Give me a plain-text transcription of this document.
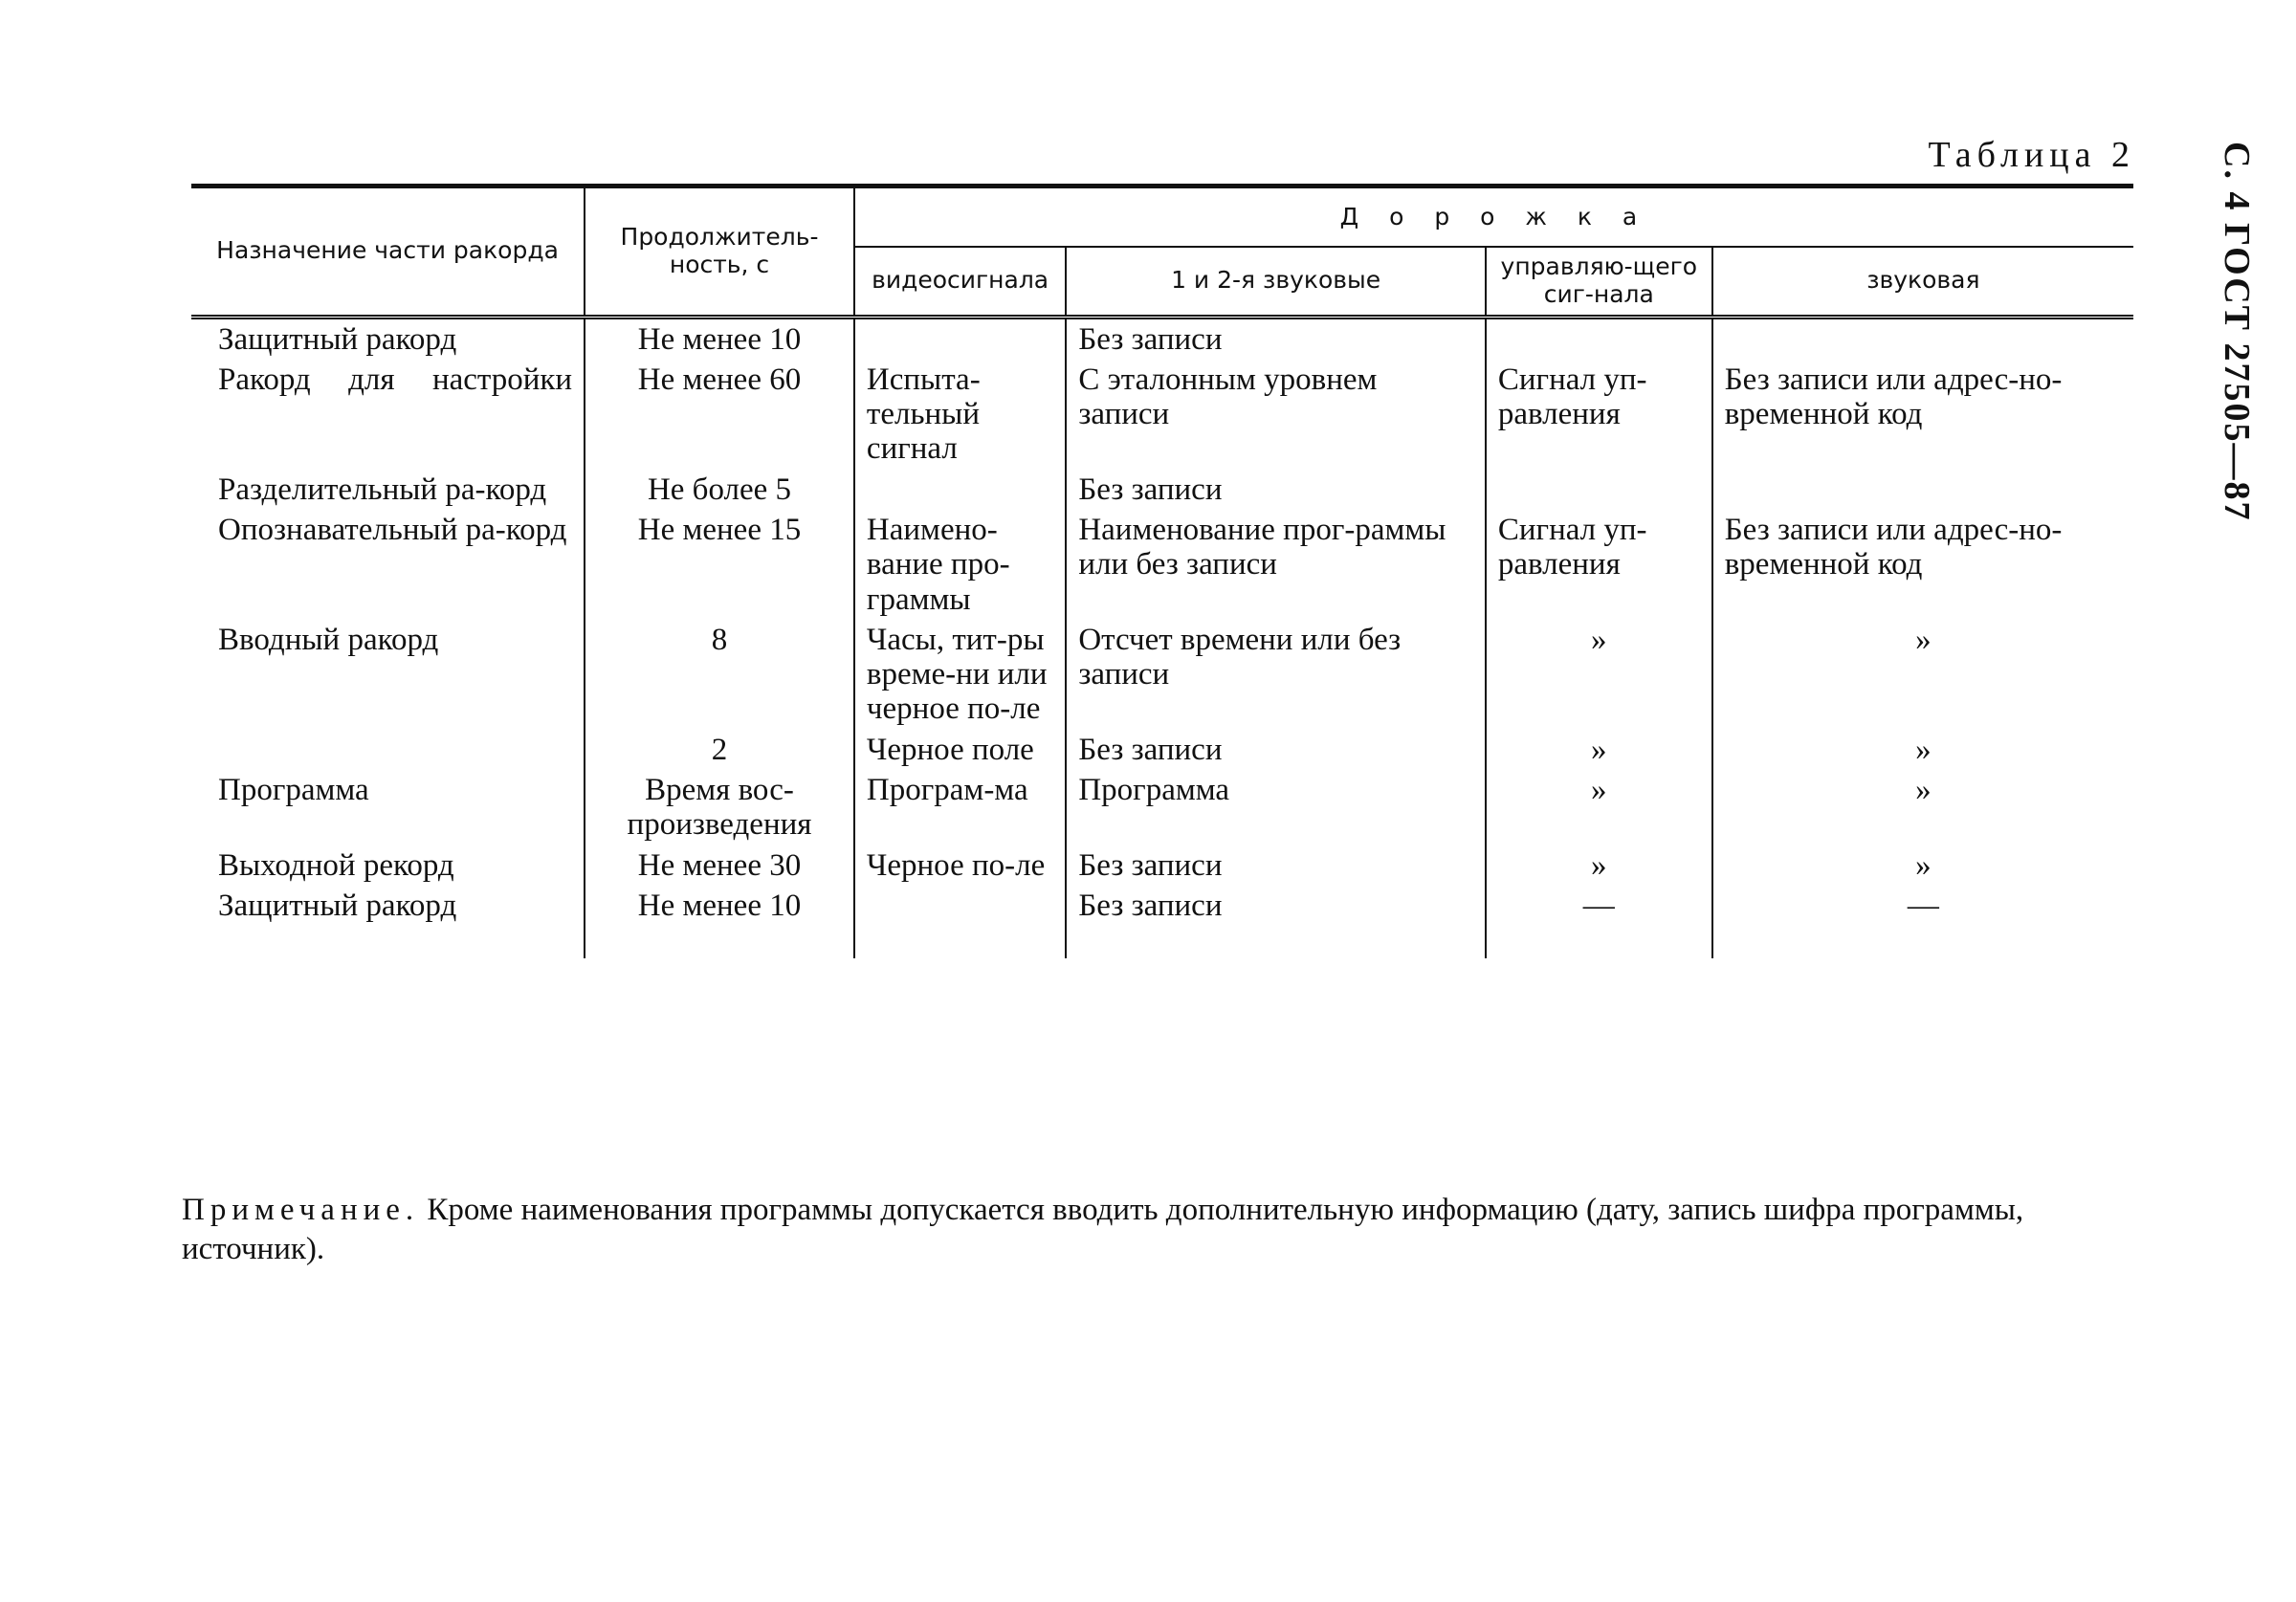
С. 4 ГОСТ 27505—87
Таблица 2
Назначение части ракорда	Продолжитель-ность, с	Д о р о ж к а			
		видеосигнала	1 и 2-я звуковые	управляю-щего сиг-нала	звуковая
Защитный ракорд	Не менее 10		Без записи		
Ракорд для настройки	Не менее 60	Испыта-тельный сигнал	С эталонным уровнем записи	Сигнал уп-равления	Без записи или адрес-но-временной код
Разделительный ра-корд	Не более 5		Без записи		
Опознавательный ра-корд	Не менее 15	Наимено-вание про-граммы	Наименование прог-раммы или без записи	Сигнал уп-равления	Без записи или адрес-но-временной код
Вводный ракорд	8	Часы, тит-ры време-ни или черное по-ле	Отсчет времени или без записи	»	»
	2	Черное поле	Без записи	»	»
Программа	Время вос-произведения	Програм-ма	Программа	»	»
Выходной рекорд	Не менее 30	Черное по-ле	Без записи	»	»
Защитный ракорд	Не менее 10		Без записи	—	—
Примечание. Кроме наименования программы допускается вводить дополнительную информацию (дату, запись шифра программы, источник).
